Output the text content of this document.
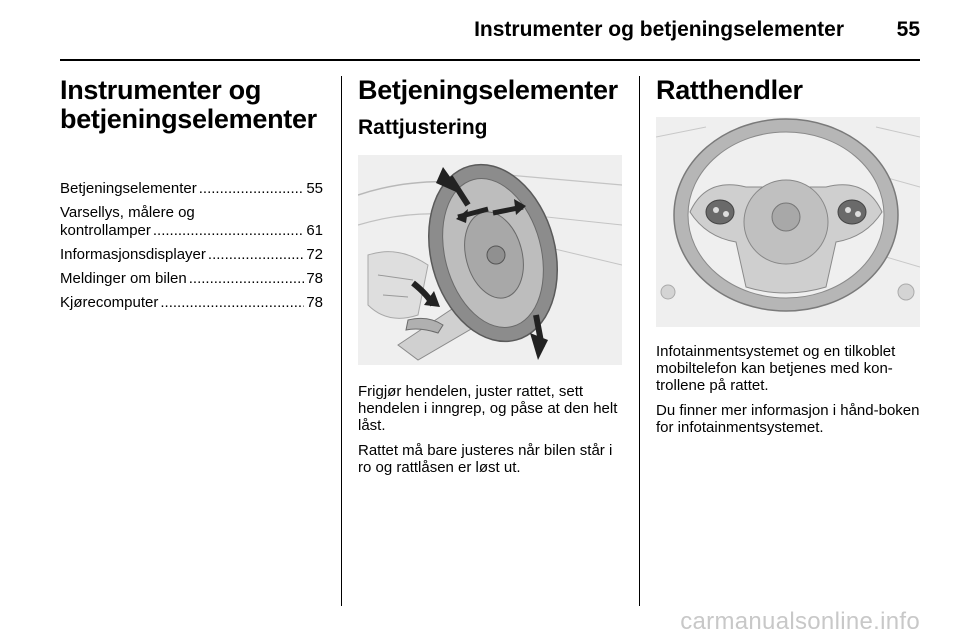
Instrumenter og betjeningselementer	55
Instrumenter og
betjeningselementer
Betjeningselementer .....	55
Varsellys, målere og
kontrollamper .....	61
Informasjonsdisplayer .....	72
Meldinger om bilen .....	78
Kjørecomputer .....	78
Betjeningselementer
Rattjustering

Frigjør hendelen, juster rattet, sett hendelen i inngrep, og påse at den helt låst.

Rattet må bare justeres når bilen står i ro og rattlåsen er løst ut.

Ratthendler

Infotainmentsystemet og en tilkoblet mobiltelefon kan betjenes med kon-trollene på rattet.

Du finner mer informasjon i hånd-boken for infotainmentsystemet.

carmanualsonline.info
